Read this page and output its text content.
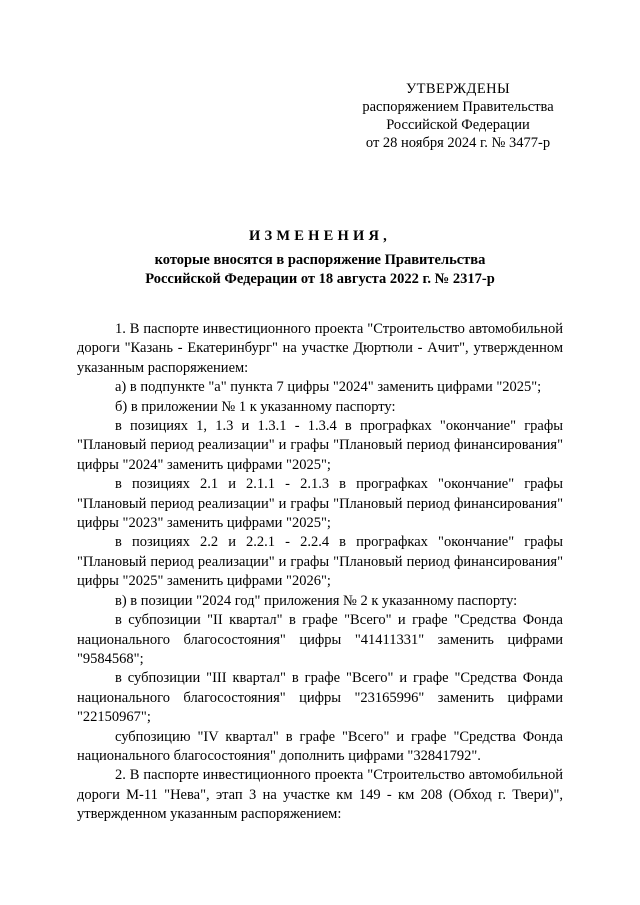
УТВЕРЖДЕНЫ
распоряжением Правительства
Российской Федерации
от 28 ноября 2024 г. № 3477-р
ИЗМЕНЕНИЯ,
которые вносятся в распоряжение Правительства
Российской Федерации от 18 августа 2022 г. № 2317-р

1. В паспорте инвестиционного проекта "Строительство автомобильной дороги "Казань - Екатеринбург" на участке Дюртюли - Ачит", утвержденном указанным распоряжением:

а) в подпункте "а" пункта 7 цифры "2024" заменить цифрами "2025";

б) в приложении № 1 к указанному паспорту:

в позициях 1, 1.3 и 1.3.1 - 1.3.4 в прографках "окончание" графы "Плановый период реализации" и графы "Плановый период финансирования" цифры "2024" заменить цифрами "2025";

в позициях 2.1 и 2.1.1 - 2.1.3 в прографках "окончание" графы "Плановый период реализации" и графы "Плановый период финансирования" цифры "2023" заменить цифрами "2025";

в позициях 2.2 и 2.2.1 - 2.2.4 в прографках "окончание" графы "Плановый период реализации" и графы "Плановый период финансирования" цифры "2025" заменить цифрами "2026";

в) в позиции "2024 год" приложения № 2 к указанному паспорту:

в субпозиции "II квартал" в графе "Всего" и графе "Средства Фонда национального благосостояния" цифры "41411331" заменить цифрами "9584568";

в субпозиции "III квартал" в графе "Всего" и графе "Средства Фонда национального благосостояния" цифры "23165996" заменить цифрами "22150967";

субпозицию "IV квартал" в графе "Всего" и графе "Средства Фонда национального благосостояния" дополнить цифрами "32841792".

2. В паспорте инвестиционного проекта "Строительство автомобильной дороги М-11 "Нева", этап 3 на участке км 149 - км 208 (Обход г. Твери)", утвержденном указанным распоряжением:
